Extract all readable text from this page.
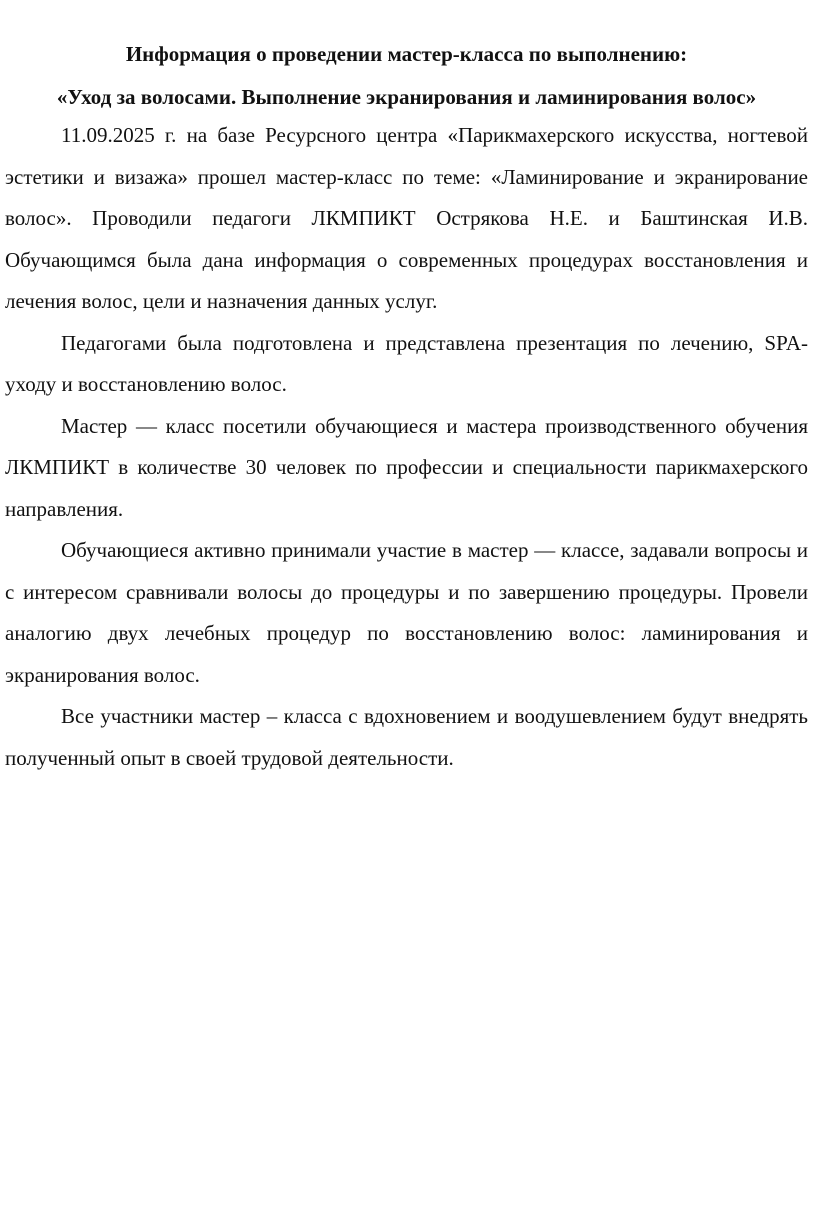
Информация о проведении мастер-класса по выполнению:

«Уход за волосами. Выполнение экранирования и ламинирования волос»

11.09.2025 г. на базе Ресурсного центра «Парикмахерского искусства, ногтевой эстетики и визажа» прошел мастер-класс по теме: «Ламинирование и экранирование волос». Проводили педагоги ЛКМПИКТ Острякова Н.Е. и Баштинская И.В. Обучающимся была дана информация о современных процедурах восстановления и лечения волос, цели и назначения данных услуг.

Педагогами была подготовлена и представлена презентация по лечению, SPA-уходу и восстановлению волос.

Мастер — класс посетили обучающиеся и мастера производственного обучения ЛКМПИКТ в количестве 30 человек по профессии и специальности парикмахерского направления.

Обучающиеся активно принимали участие в мастер — классе, задавали вопросы и с интересом сравнивали волосы до процедуры и по завершению процедуры. Провели аналогию двух лечебных процедур по восстановлению волос: ламинирования и экранирования волос.

Все участники мастер – класса с вдохновением и воодушевлением будут внедрять полученный опыт в своей трудовой деятельности.
